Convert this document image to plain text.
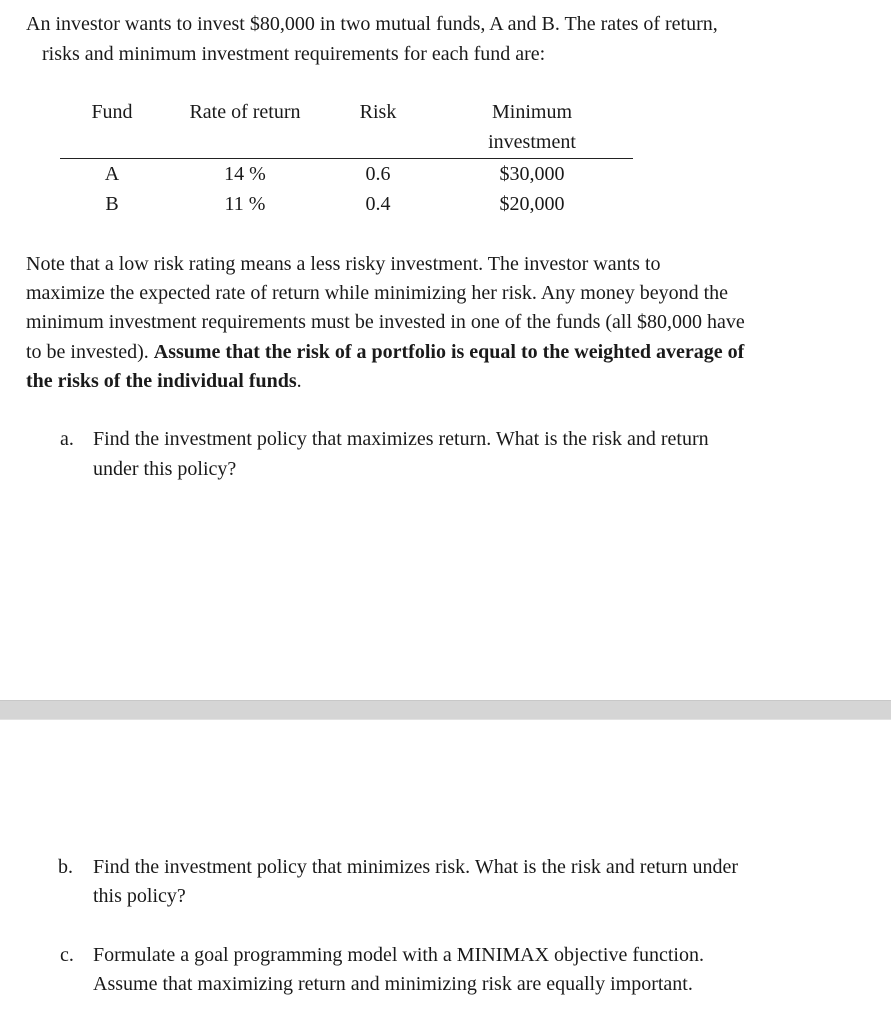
An investor wants to invest $80,000 in two mutual funds, A and B. The rates of return,
risks and minimum investment requirements for each fund are:
Fund	Rate of return	Risk	Minimum
investment
A	14 %	0.6	$30,000
B	11 %	0.4	$20,000
Note that a low risk rating means a less risky investment. The investor wants to
maximize the expected rate of return while minimizing her risk. Any money beyond the
minimum investment requirements must be invested in one of the funds (all $80,000 have
to be invested). Assume that the risk of a portfolio is equal to the weighted average of
the risks of the individual funds.
a. Find the investment policy that maximizes return. What is the risk and return
under this policy?
b. Find the investment policy that minimizes risk. What is the risk and return under
this policy?
c. Formulate a goal programming model with a MINIMAX objective function.
Assume that maximizing return and minimizing risk are equally important.
